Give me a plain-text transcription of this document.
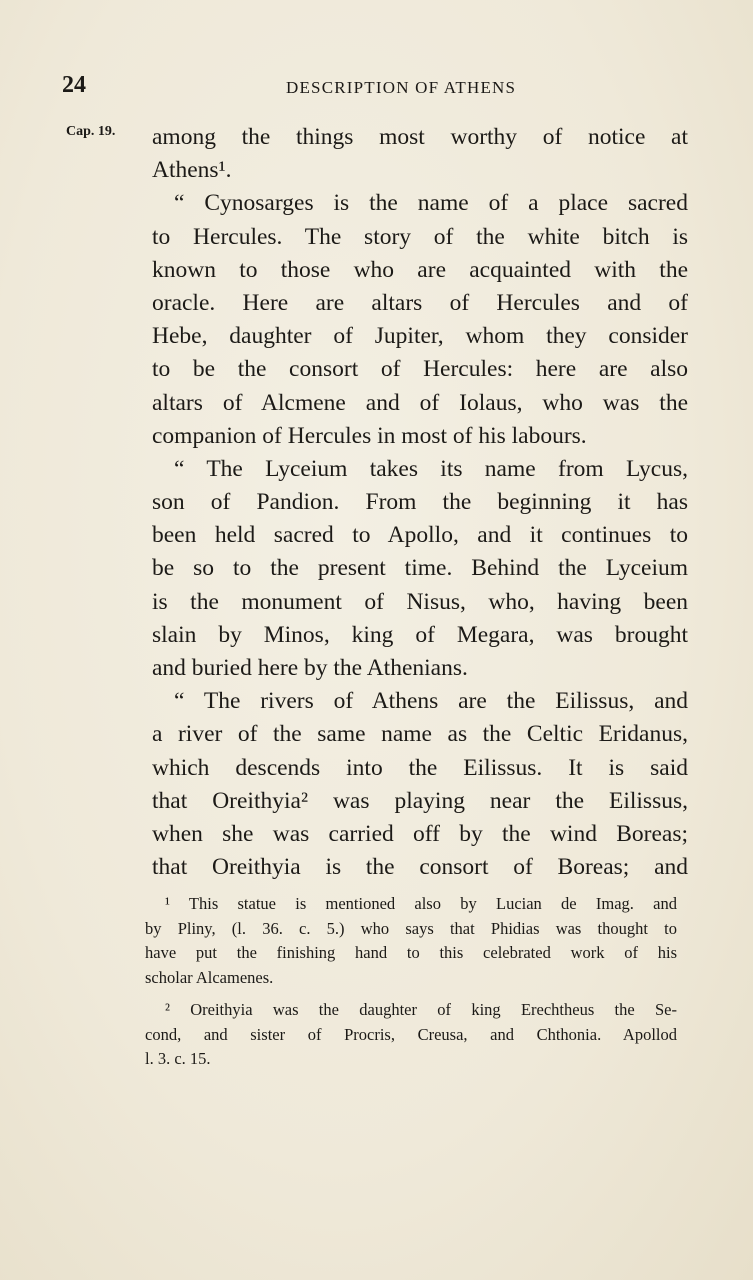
24	DESCRIPTION OF ATHENS
Cap. 19. among the things most worthy of notice at
Athens¹.
“ Cynosarges is the name of a place sacred
to Hercules. The story of the white bitch is
known to those who are acquainted with the
oracle. Here are altars of Hercules and of
Hebe, daughter of Jupiter, whom they consider
to be the consort of Hercules: here are also
altars of Alcmene and of Iolaus, who was the
companion of Hercules in most of his labours.
“ The Lyceium takes its name from Lycus,
son of Pandion. From the beginning it has
been held sacred to Apollo, and it continues to
be so to the present time. Behind the Lyceium
is the monument of Nisus, who, having been
slain by Minos, king of Megara, was brought
and buried here by the Athenians.
“ The rivers of Athens are the Eilissus, and
a river of the same name as the Celtic Eridanus,
which descends into the Eilissus. It is said
that Oreithyia² was playing near the Eilissus,
when she was carried off by the wind Boreas;
that Oreithyia is the consort of Boreas; and
¹ This statue is mentioned also by Lucian de Imag. and
by Pliny, (l. 36. c. 5.) who says that Phidias was thought to
have put the finishing hand to this celebrated work of his
scholar Alcamenes.
² Oreithyia was the daughter of king Erechtheus the Se-
cond, and sister of Procris, Creusa, and Chthonia. Apollod
l. 3. c. 15.
